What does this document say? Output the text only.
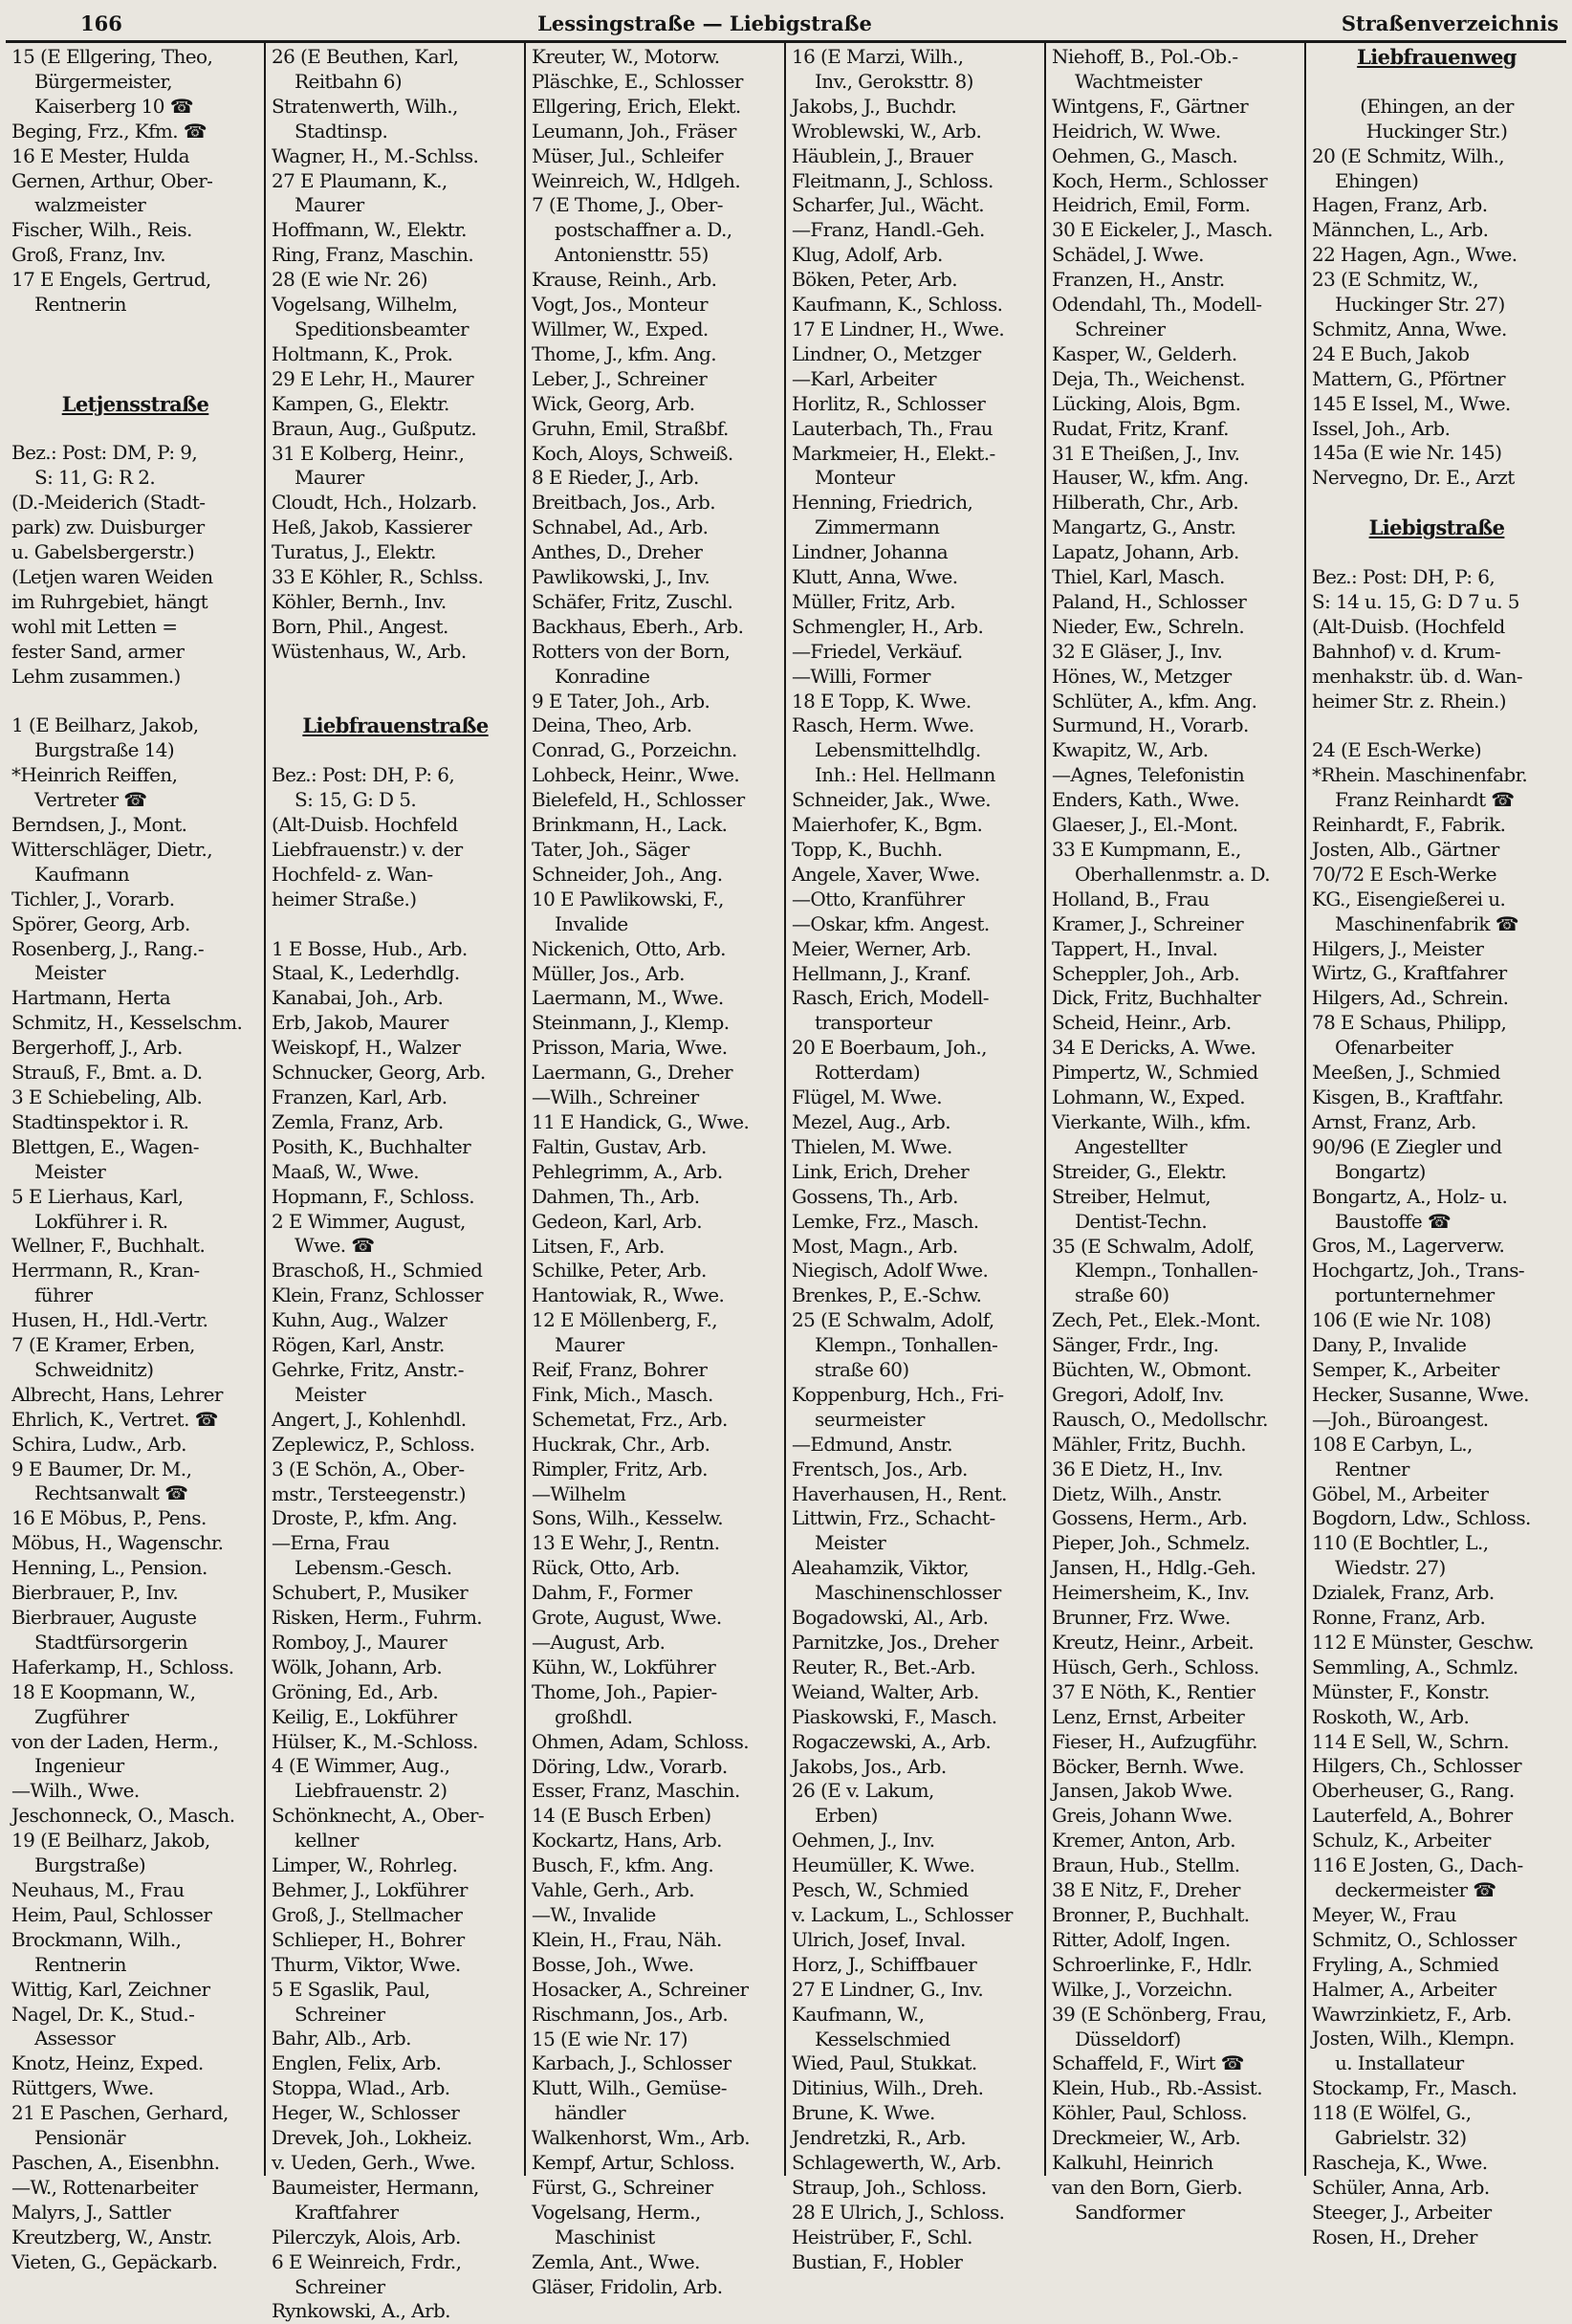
166	Lessingstraße — Liebigstraße	Straßenverzeichnis
15 (E Ellgering, Theo,
Bürgermeister,
Kaiserberg 10 ☎
Beging, Frz., Kfm. ☎
16 E Mester, Hulda
Gernen, Arthur, Ober-
walzmeister
Fischer, Wilh., Reis.
Groß, Franz, Inv.
17 E Engels, Gertrud,
Rentnerin
Letjensstraße
Bez.: Post: DM, P: 9,
S: 11, G: R 2.
(D.-Meiderich (Stadt-
park) zw. Duisburger
u. Gabelsbergerstr.)
(Letjen waren Weiden
im Ruhrgebiet, hängt
wohl mit Letten =
fester Sand, armer
Lehm zusammen.)
1 (E Beilharz, Jakob,
Burgstraße 14)
*Heinrich Reiffen,
Vertreter ☎
Berndsen, J., Mont.
Witterschläger, Dietr.,
Kaufmann
Tichler, J., Vorarb.
Spörer, Georg, Arb.
Rosenberg, J., Rang.-
Meister
Hartmann, Herta
Schmitz, H., Kesselschm.
Bergerhoff, J., Arb.
Strauß, F., Bmt. a. D.
3 E Schiebeling, Alb.
Stadtinspektor i. R.
Blettgen, E., Wagen-
Meister
5 E Lierhaus, Karl,
Lokführer i. R.
Wellner, F., Buchhalt.
Herrmann, R., Kran-
führer
Husen, H., Hdl.-Vertr.
7 (E Kramer, Erben,
Schweidnitz)
Albrecht, Hans, Lehrer
Ehrlich, K., Vertret. ☎
Schira, Ludw., Arb.
9 E Baumer, Dr. M.,
Rechtsanwalt ☎
16 E Möbus, P., Pens.
Möbus, H., Wagenschr.
Henning, L., Pension.
Bierbrauer, P., Inv.
Bierbrauer, Auguste
Stadtfürsorgerin
Haferkamp, H., Schloss.
18 E Koopmann, W.,
Zugführer
von der Laden, Herm.,
Ingenieur
—Wilh., Wwe.
Jeschonneck, O., Masch.
19 (E Beilharz, Jakob,
Burgstraße)
Neuhaus, M., Frau
Heim, Paul, Schlosser
Brockmann, Wilh.,
Rentnerin
Wittig, Karl, Zeichner
Nagel, Dr. K., Stud.-
Assessor
Knotz, Heinz, Exped.
Rüttgers, Wwe.
21 E Paschen, Gerhard,
Pensionär
Paschen, A., Eisenbhn.
—W., Rottenarbeiter
Malyrs, J., Sattler
Kreutzberg, W., Anstr.
Vieten, G., Gepäckarb.
26 (E Beuthen, Karl,
Reitbahn 6)
Stratenwerth, Wilh.,
Stadtinsp.
Wagner, H., M.-Schlss.
27 E Plaumann, K.,
Maurer
Hoffmann, W., Elektr.
Ring, Franz, Maschin.
28 (E wie Nr. 26)
Vogelsang, Wilhelm,
Speditionsbeamter
Holtmann, K., Prok.
29 E Lehr, H., Maurer
Kampen, G., Elektr.
Braun, Aug., Gußputz.
31 E Kolberg, Heinr.,
Maurer
Cloudt, Hch., Holzarb.
Heß, Jakob, Kassierer
Turatus, J., Elektr.
33 E Köhler, R., Schlss.
Köhler, Bernh., Inv.
Born, Phil., Angest.
Wüstenhaus, W., Arb.
Liebfrauenstraße
Bez.: Post: DH, P: 6,
S: 15, G: D 5.
(Alt-Duisb. Hochfeld
Liebfrauenstr.) v. der
Hochfeld- z. Wan-
heimer Straße.)
1 E Bosse, Hub., Arb.
Staal, K., Lederhdlg.
Kanabai, Joh., Arb.
Erb, Jakob, Maurer
Weiskopf, H., Walzer
Schnucker, Georg, Arb.
Franzen, Karl, Arb.
Zemla, Franz, Arb.
Posith, K., Buchhalter
Maaß, W., Wwe.
Hopmann, F., Schloss.
2 E Wimmer, August,
Wwe. ☎
Braschoß, H., Schmied
Klein, Franz, Schlosser
Kuhn, Aug., Walzer
Rögen, Karl, Anstr.
Gehrke, Fritz, Anstr.-
Meister
Angert, J., Kohlenhdl.
Zeplewicz, P., Schloss.
3 (E Schön, A., Ober-
mstr., Tersteegenstr.)
Droste, P., kfm. Ang.
—Erna, Frau
Lebensm.-Gesch.
Schubert, P., Musiker
Risken, Herm., Fuhrm.
Romboy, J., Maurer
Wölk, Johann, Arb.
Gröning, Ed., Arb.
Keilig, E., Lokführer
Hülser, K., M.-Schloss.
4 (E Wimmer, Aug.,
Liebfrauenstr. 2)
Schönknecht, A., Ober-
kellner
Limper, W., Rohrleg.
Behmer, J., Lokführer
Groß, J., Stellmacher
Schlieper, H., Bohrer
Thurm, Viktor, Wwe.
5 E Sgaslik, Paul,
Schreiner
Bahr, Alb., Arb.
Englen, Felix, Arb.
Stoppa, Wlad., Arb.
Heger, W., Schlosser
Drevek, Joh., Lokheiz.
v. Ueden, Gerh., Wwe.
Baumeister, Hermann,
Kraftfahrer
Pilerczyk, Alois, Arb.
6 E Weinreich, Frdr.,
Schreiner
Rynkowski, A., Arb.
Kreuter, W., Motorw.
Pläschke, E., Schlosser
Ellgering, Erich, Elekt.
Leumann, Joh., Fräser
Müser, Jul., Schleifer
Weinreich, W., Hdlgeh.
7 (E Thome, J., Ober-
postschaffner a. D.,
Antoniensttr. 55)
Krause, Reinh., Arb.
Vogt, Jos., Monteur
Willmer, W., Exped.
Thome, J., kfm. Ang.
Leber, J., Schreiner
Wick, Georg, Arb.
Gruhn, Emil, Straßbf.
Koch, Aloys, Schweiß.
8 E Rieder, J., Arb.
Breitbach, Jos., Arb.
Schnabel, Ad., Arb.
Anthes, D., Dreher
Pawlikowski, J., Inv.
Schäfer, Fritz, Zuschl.
Backhaus, Eberh., Arb.
Rotters von der Born,
Konradine
9 E Tater, Joh., Arb.
Deina, Theo, Arb.
Conrad, G., Porzeichn.
Lohbeck, Heinr., Wwe.
Bielefeld, H., Schlosser
Brinkmann, H., Lack.
Tater, Joh., Säger
Schneider, Joh., Ang.
10 E Pawlikowski, F.,
Invalide
Nickenich, Otto, Arb.
Müller, Jos., Arb.
Laermann, M., Wwe.
Steinmann, J., Klemp.
Prisson, Maria, Wwe.
Laermann, G., Dreher
—Wilh., Schreiner
11 E Handick, G., Wwe.
Faltin, Gustav, Arb.
Pehlegrimm, A., Arb.
Dahmen, Th., Arb.
Gedeon, Karl, Arb.
Litsen, F., Arb.
Schilke, Peter, Arb.
Hantowiak, R., Wwe.
12 E Möllenberg, F.,
Maurer
Reif, Franz, Bohrer
Fink, Mich., Masch.
Schemetat, Frz., Arb.
Huckrak, Chr., Arb.
Rimpler, Fritz, Arb.
—Wilhelm
Sons, Wilh., Kesselw.
13 E Wehr, J., Rentn.
Rück, Otto, Arb.
Dahm, F., Former
Grote, August, Wwe.
—August, Arb.
Kühn, W., Lokführer
Thome, Joh., Papier-
großhdl.
Ohmen, Adam, Schloss.
Döring, Ldw., Vorarb.
Esser, Franz, Maschin.
14 (E Busch Erben)
Kockartz, Hans, Arb.
Busch, F., kfm. Ang.
Vahle, Gerh., Arb.
—W., Invalide
Klein, H., Frau, Näh.
Bosse, Joh., Wwe.
Hosacker, A., Schreiner
Rischmann, Jos., Arb.
15 (E wie Nr. 17)
Karbach, J., Schlosser
Klutt, Wilh., Gemüse-
händler
Walkenhorst, Wm., Arb.
Kempf, Artur, Schloss.
Fürst, G., Schreiner
Vogelsang, Herm.,
Maschinist
Zemla, Ant., Wwe.
Gläser, Fridolin, Arb.
16 (E Marzi, Wilh.,
Inv., Geroksttr. 8)
Jakobs, J., Buchdr.
Wroblewski, W., Arb.
Häublein, J., Brauer
Fleitmann, J., Schloss.
Scharfer, Jul., Wächt.
—Franz, Handl.-Geh.
Klug, Adolf, Arb.
Böken, Peter, Arb.
Kaufmann, K., Schloss.
17 E Lindner, H., Wwe.
Lindner, O., Metzger
—Karl, Arbeiter
Horlitz, R., Schlosser
Lauterbach, Th., Frau
Markmeier, H., Elekt.-
Monteur
Henning, Friedrich,
Zimmermann
Lindner, Johanna
Klutt, Anna, Wwe.
Müller, Fritz, Arb.
Schmengler, H., Arb.
—Friedel, Verkäuf.
—Willi, Former
18 E Topp, K. Wwe.
Rasch, Herm. Wwe.
Lebensmittelhdlg.
Inh.: Hel. Hellmann
Schneider, Jak., Wwe.
Maierhofer, K., Bgm.
Topp, K., Buchh.
Angele, Xaver, Wwe.
—Otto, Kranführer
—Oskar, kfm. Angest.
Meier, Werner, Arb.
Hellmann, J., Kranf.
Rasch, Erich, Modell-
transporteur
20 E Boerbaum, Joh.,
Rotterdam)
Flügel, M. Wwe.
Mezel, Aug., Arb.
Thielen, M. Wwe.
Link, Erich, Dreher
Gossens, Th., Arb.
Lemke, Frz., Masch.
Most, Magn., Arb.
Niegisch, Adolf Wwe.
Brenkes, P., E.-Schw.
25 (E Schwalm, Adolf,
Klempn., Tonhallen-
straße 60)
Koppenburg, Hch., Fri-
seurmeister
—Edmund, Anstr.
Frentsch, Jos., Arb.
Haverhausen, H., Rent.
Littwin, Frz., Schacht-
Meister
Aleahamzik, Viktor,
Maschinenschlosser
Bogadowski, Al., Arb.
Parnitzke, Jos., Dreher
Reuter, R., Bet.-Arb.
Weiand, Walter, Arb.
Piaskowski, F., Masch.
Rogaczewski, A., Arb.
Jakobs, Jos., Arb.
26 (E v. Lakum,
Erben)
Oehmen, J., Inv.
Heumüller, K. Wwe.
Pesch, W., Schmied
v. Lackum, L., Schlosser
Ulrich, Josef, Inval.
Horz, J., Schiffbauer
27 E Lindner, G., Inv.
Kaufmann, W.,
Kesselschmied
Wied, Paul, Stukkat.
Ditinius, Wilh., Dreh.
Brune, K. Wwe.
Jendretzki, R., Arb.
Schlagewerth, W., Arb.
Straup, Joh., Schloss.
28 E Ulrich, J., Schloss.
Heistrüber, F., Schl.
Bustian, F., Hobler
Niehoff, B., Pol.-Ob.-
Wachtmeister
Wintgens, F., Gärtner
Heidrich, W. Wwe.
Oehmen, G., Masch.
Koch, Herm., Schlosser
Heidrich, Emil, Form.
30 E Eickeler, J., Masch.
Schädel, J. Wwe.
Franzen, H., Anstr.
Odendahl, Th., Modell-
Schreiner
Kasper, W., Gelderh.
Deja, Th., Weichenst.
Lücking, Alois, Bgm.
Rudat, Fritz, Kranf.
31 E Theißen, J., Inv.
Hauser, W., kfm. Ang.
Hilberath, Chr., Arb.
Mangartz, G., Anstr.
Lapatz, Johann, Arb.
Thiel, Karl, Masch.
Paland, H., Schlosser
Nieder, Ew., Schreln.
32 E Gläser, J., Inv.
Hönes, W., Metzger
Schlüter, A., kfm. Ang.
Surmund, H., Vorarb.
Kwapitz, W., Arb.
—Agnes, Telefonistin
Enders, Kath., Wwe.
Glaeser, J., El.-Mont.
33 E Kumpmann, E.,
Oberhallenmstr. a. D.
Holland, B., Frau
Kramer, J., Schreiner
Tappert, H., Inval.
Scheppler, Joh., Arb.
Dick, Fritz, Buchhalter
Scheid, Heinr., Arb.
34 E Dericks, A. Wwe.
Pimpertz, W., Schmied
Lohmann, W., Exped.
Vierkante, Wilh., kfm.
Angestellter
Streider, G., Elektr.
Streiber, Helmut,
Dentist-Techn.
35 (E Schwalm, Adolf,
Klempn., Tonhallen-
straße 60)
Zech, Pet., Elek.-Mont.
Sänger, Frdr., Ing.
Büchten, W., Obmont.
Gregori, Adolf, Inv.
Rausch, O., Medollschr.
Mähler, Fritz, Buchh.
36 E Dietz, H., Inv.
Dietz, Wilh., Anstr.
Gossens, Herm., Arb.
Pieper, Joh., Schmelz.
Jansen, H., Hdlg.-Geh.
Heimersheim, K., Inv.
Brunner, Frz. Wwe.
Kreutz, Heinr., Arbeit.
Hüsch, Gerh., Schloss.
37 E Nöth, K., Rentier
Lenz, Ernst, Arbeiter
Fieser, H., Aufzugführ.
Böcker, Bernh. Wwe.
Jansen, Jakob Wwe.
Greis, Johann Wwe.
Kremer, Anton, Arb.
Braun, Hub., Stellm.
38 E Nitz, F., Dreher
Bronner, P., Buchhalt.
Ritter, Adolf, Ingen.
Schroerlinke, F., Hdlr.
Wilke, J., Vorzeichn.
39 (E Schönberg, Frau,
Düsseldorf)
Schaffeld, F., Wirt ☎
Klein, Hub., Rb.-Assist.
Köhler, Paul, Schloss.
Dreckmeier, W., Arb.
Kalkuhl, Heinrich
van den Born, Gierb.
Sandformer
Liebfrauenweg
(Ehingen, an der
Huckinger Str.)
20 (E Schmitz, Wilh.,
Ehingen)
Hagen, Franz, Arb.
Männchen, L., Arb.
22 Hagen, Agn., Wwe.
23 (E Schmitz, W.,
Huckinger Str. 27)
Schmitz, Anna, Wwe.
24 E Buch, Jakob
Mattern, G., Pförtner
145 E Issel, M., Wwe.
Issel, Joh., Arb.
145a (E wie Nr. 145)
Nervegno, Dr. E., Arzt
Liebigstraße
Bez.: Post: DH, P: 6,
S: 14 u. 15, G: D 7 u. 5
(Alt-Duisb. (Hochfeld
Bahnhof) v. d. Krum-
menhakstr. üb. d. Wan-
heimer Str. z. Rhein.)
24 (E Esch-Werke)
*Rhein. Maschinenfabr.
Franz Reinhardt ☎
Reinhardt, F., Fabrik.
Josten, Alb., Gärtner
70/72 E Esch-Werke
KG., Eisengießerei u.
Maschinenfabrik ☎
Hilgers, J., Meister
Wirtz, G., Kraftfahrer
Hilgers, Ad., Schrein.
78 E Schaus, Philipp,
Ofenarbeiter
Meeßen, J., Schmied
Kisgen, B., Kraftfahr.
Arnst, Franz, Arb.
90/96 (E Ziegler und
Bongartz)
Bongartz, A., Holz- u.
Baustoffe ☎
Gros, M., Lagerverw.
Hochgartz, Joh., Trans-
portunternehmer
106 (E wie Nr. 108)
Dany, P., Invalide
Semper, K., Arbeiter
Hecker, Susanne, Wwe.
—Joh., Büroangest.
108 E Carbyn, L.,
Rentner
Göbel, M., Arbeiter
Bogdorn, Ldw., Schloss.
110 (E Bochtler, L.,
Wiedstr. 27)
Dzialek, Franz, Arb.
Ronne, Franz, Arb.
112 E Münster, Geschw.
Semmling, A., Schmlz.
Münster, F., Konstr.
Roskoth, W., Arb.
114 E Sell, W., Schrn.
Hilgers, Ch., Schlosser
Oberheuser, G., Rang.
Lauterfeld, A., Bohrer
Schulz, K., Arbeiter
116 E Josten, G., Dach-
deckermeister ☎
Meyer, W., Frau
Schmitz, O., Schlosser
Fryling, A., Schmied
Halmer, A., Arbeiter
Wawrzinkietz, F., Arb.
Josten, Wilh., Klempn.
u. Installateur
Stockamp, Fr., Masch.
118 (E Wölfel, G.,
Gabrielstr. 32)
Rascheja, K., Wwe.
Schüler, Anna, Arb.
Steeger, J., Arbeiter
Rosen, H., Dreher
